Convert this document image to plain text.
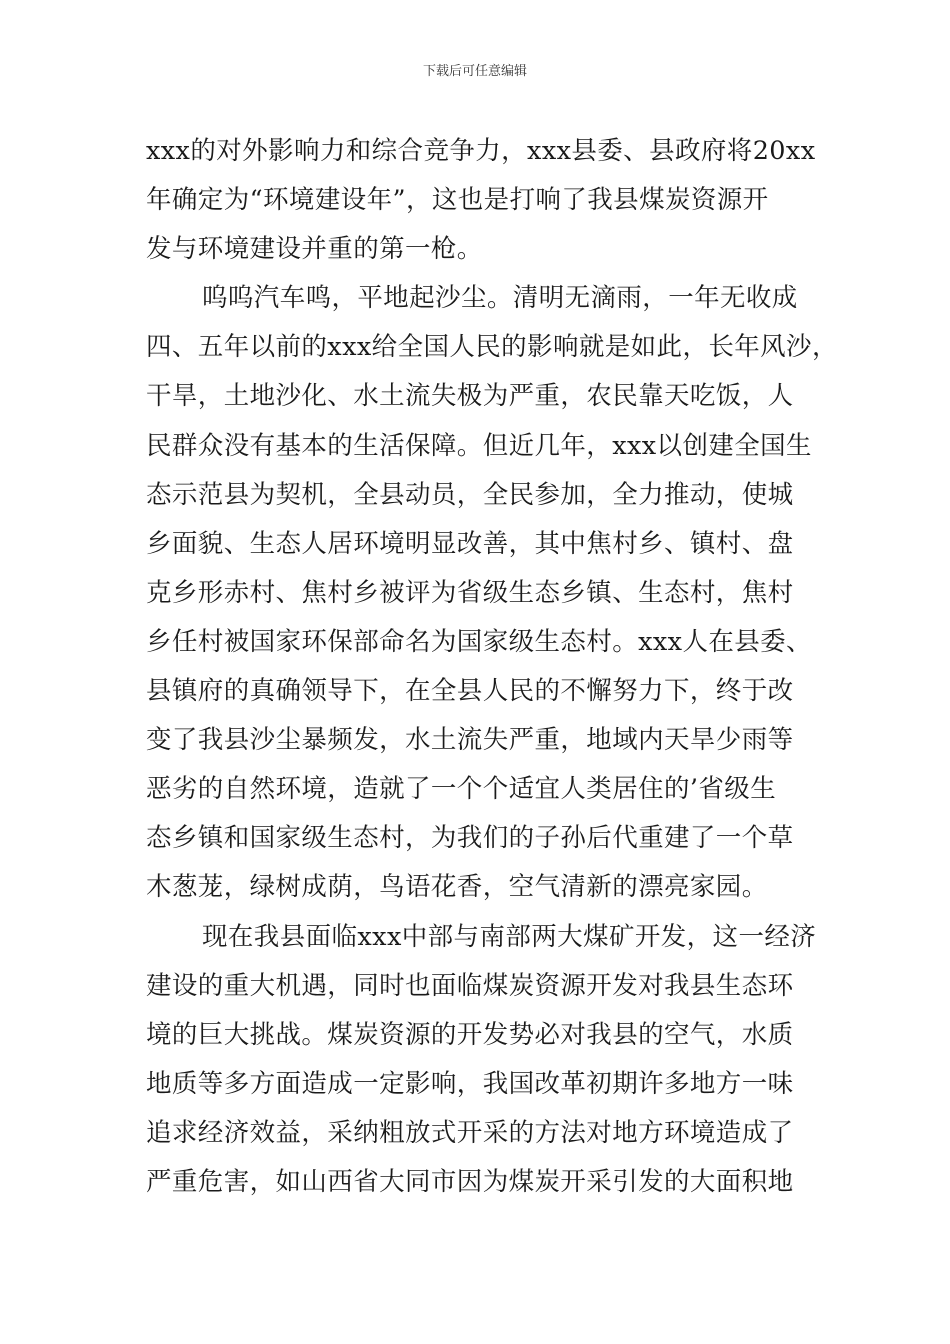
下载后可任意编辑
xxx的对外影响力和综合竞争力，xxx县委、县政府将20xx
年确定为“环境建设年”，这也是打响了我县煤炭资源开
发与环境建设并重的第一枪。
呜呜汽车鸣，平地起沙尘。清明无滴雨，一年无收成
四、五年以前的xxx给全国人民的影响就是如此，长年风沙，
干旱，土地沙化、水土流失极为严重，农民靠天吃饭，人
民群众没有基本的生活保障。但近几年，xxx以创建全国生
态示范县为契机，全县动员，全民参加，全力推动，使城
乡面貌、生态人居环境明显改善，其中焦村乡、镇村、盘
克乡形赤村、焦村乡被评为省级生态乡镇、生态村，焦村
乡任村被国家环保部命名为国家级生态村。xxx人在县委、
县镇府的真确领导下，在全县人民的不懈努力下，终于改
变了我县沙尘暴频发，水土流失严重，地域内天旱少雨等
恶劣的自然环境，造就了一个个适宜人类居住的’省级生
态乡镇和国家级生态村，为我们的子孙后代重建了一个草
木葱茏，绿树成荫，鸟语花香，空气清新的漂亮家园。
现在我县面临xxx中部与南部两大煤矿开发，这一经济
建设的重大机遇，同时也面临煤炭资源开发对我县生态环
境的巨大挑战。煤炭资源的开发势必对我县的空气，水质
地质等多方面造成一定影响，我国改革初期许多地方一味
追求经济效益，采纳粗放式开采的方法对地方环境造成了
严重危害，如山西省大同市因为煤炭开采引发的大面积地
